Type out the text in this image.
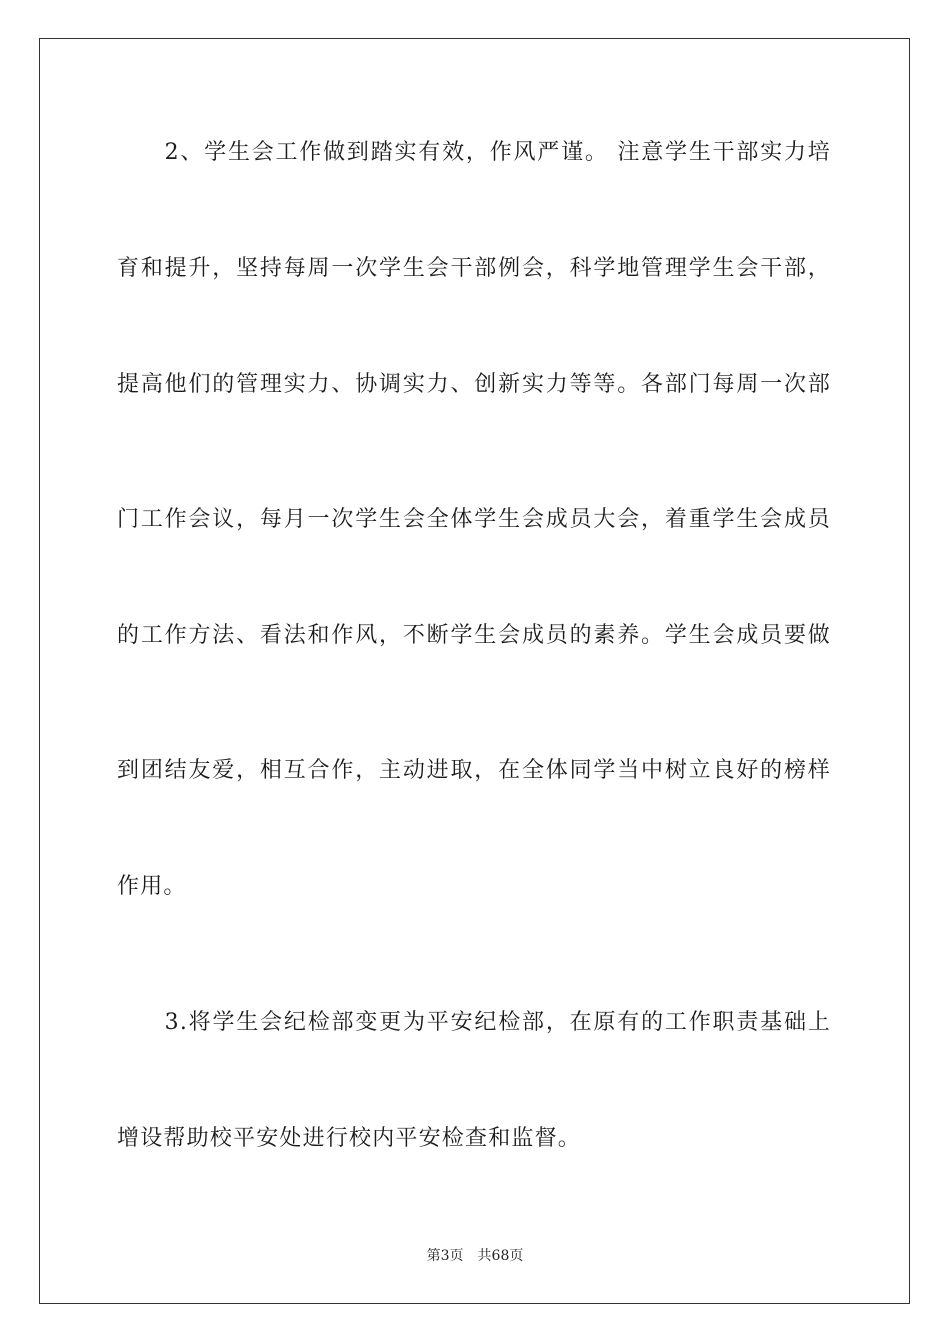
　　2、学生会工作做到踏实有效，作风严谨。 注意学生干部实力培
育和提升，坚持每周一次学生会干部例会，科学地管理学生会干部，
提高他们的管理实力、协调实力、创新实力等等。各部门每周一次部
门工作会议，每月一次学生会全体学生会成员大会，着重学生会成员
的工作方法、看法和作风，不断学生会成员的素养。学生会成员要做
到团结友爱，相互合作，主动进取，在全体同学当中树立良好的榜样
作用。
　　3.将学生会纪检部变更为平安纪检部，在原有的工作职责基础上
增设帮助校平安处进行校内平安检查和监督。
第3页 共68页
